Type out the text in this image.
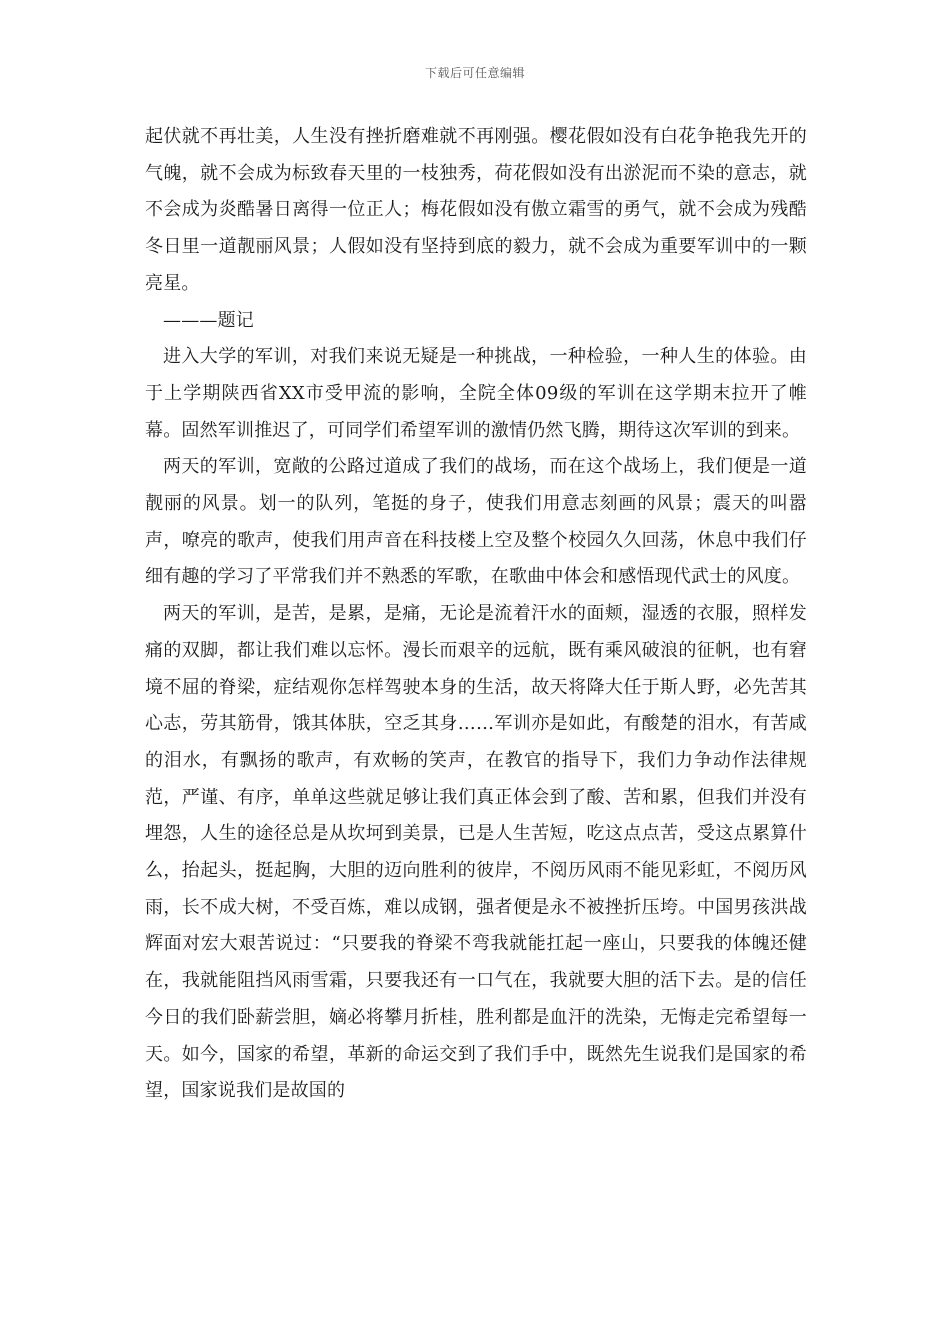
下载后可任意编辑

起伏就不再壮美，人生没有挫折磨难就不再刚强。樱花假如没有白花争艳我先开的气魄，就不会成为标致春天里的一枝独秀，荷花假如没有出淤泥而不染的意志，就不会成为炎酷暑日离得一位正人；梅花假如没有傲立霜雪的勇气，就不会成为残酷冬日里一道靓丽风景；人假如没有坚持到底的毅力，就不会成为重要军训中的一颗亮星。

———题记

进入大学的军训，对我们来说无疑是一种挑战，一种检验，一种人生的体验。由于上学期陕西省XX市受甲流的影响，全院全体09级的军训在这学期末拉开了帷幕。固然军训推迟了，可同学们希望军训的激情仍然飞腾，期待这次军训的到来。

两天的军训，宽敞的公路过道成了我们的战场，而在这个战场上，我们便是一道靓丽的风景。划一的队列，笔挺的身子，使我们用意志刻画的风景；震天的叫嚣声，嘹亮的歌声，使我们用声音在科技楼上空及整个校园久久回荡，休息中我们仔细有趣的学习了平常我们并不熟悉的军歌，在歌曲中体会和感悟现代武士的风度。

两天的军训，是苦，是累，是痛，无论是流着汗水的面颊，湿透的衣服，照样发痛的双脚，都让我们难以忘怀。漫长而艰辛的远航，既有乘风破浪的征帆，也有窘境不屈的脊梁，症结观你怎样驾驶本身的生活，故天将降大任于斯人野，必先苦其心志，劳其筋骨，饿其体肤，空乏其身……军训亦是如此，有酸楚的泪水，有苦咸的泪水，有飘扬的歌声，有欢畅的笑声，在教官的指导下，我们力争动作法律规范，严谨、有序，单单这些就足够让我们真正体会到了酸、苦和累，但我们并没有埋怨，人生的途径总是从坎坷到美景，已是人生苦短，吃这点点苦，受这点累算什么，抬起头，挺起胸，大胆的迈向胜利的彼岸，不阅历风雨不能见彩虹，不阅历风雨，长不成大树，不受百炼，难以成钢，强者便是永不被挫折压垮。中国男孩洪战辉面对宏大艰苦说过：“只要我的脊梁不弯我就能扛起一座山，只要我的体魄还健在，我就能阻挡风雨雪霜，只要我还有一口气在，我就要大胆的活下去。是的信任今日的我们卧薪尝胆，嫡必将攀月折桂，胜利都是血汗的洗染，无悔走完希望每一天。如今，国家的希望，革新的命运交到了我们手中，既然先生说我们是国家的希望，国家说我们是故国的
